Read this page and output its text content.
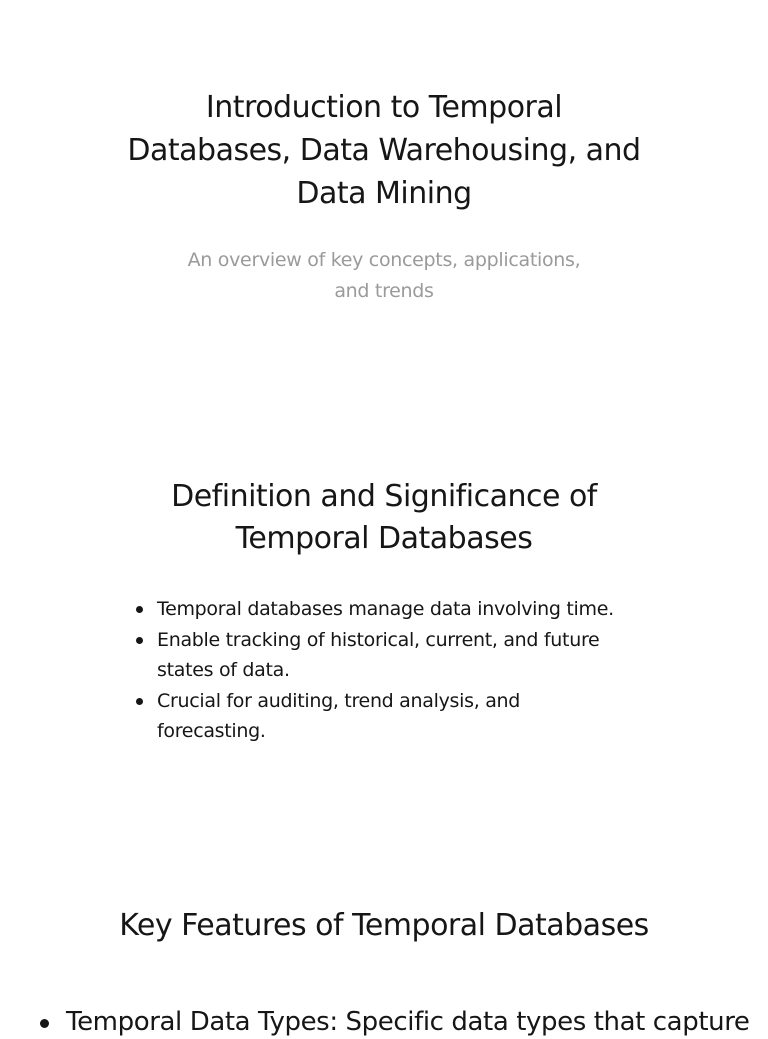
Introduction to Temporal Databases, Data Warehousing, and Data Mining

An overview of key concepts, applications, and trends

Definition and Significance of Temporal Databases
Temporal databases manage data involving time.
Enable tracking of historical, current, and future states of data.
Crucial for auditing, trend analysis, and forecasting.
Key Features of Temporal Databases
Temporal Data Types: Specific data types that capture
